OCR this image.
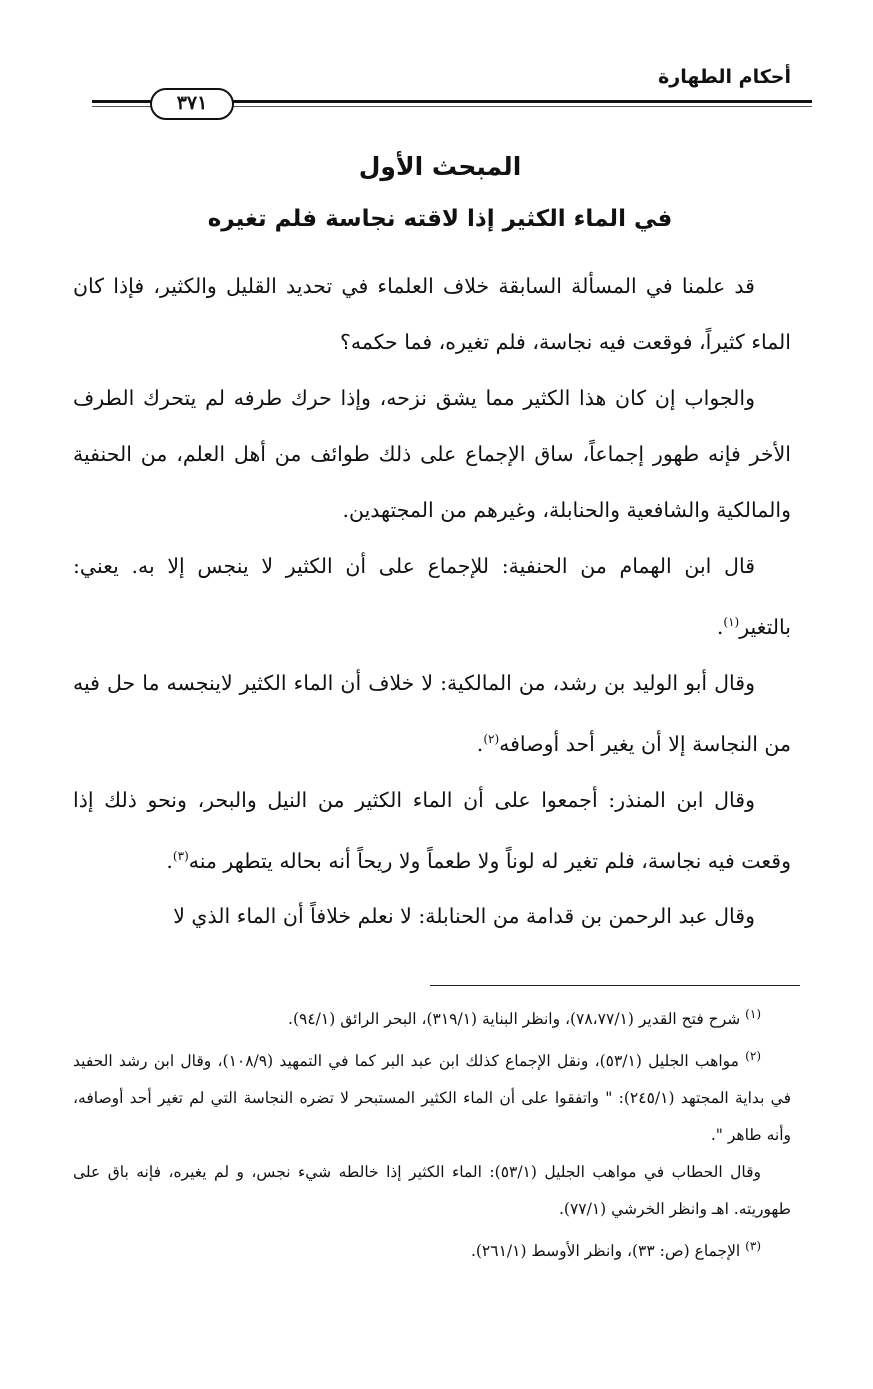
أحكام الطهارة
٣٧١
المبحث الأول
في الماء الكثير إذا لاقته نجاسة فلم تغيره

قد علمنا في المسألة السابقة خلاف العلماء في تحديد القليل والكثير، فإذا كان الماء كثيراً، فوقعت فيه نجاسة، فلم تغيره، فما حكمه؟

والجواب إن كان هذا الكثير مما يشق نزحه، وإذا حرك طرفه لم يتحرك الطرف الأخر فإنه طهور إجماعاً، ساق الإجماع على ذلك طوائف من أهل العلم، من الحنفية والمالكية والشافعية والحنابلة، وغيرهم من المجتهدين.

قال ابن الهمام من الحنفية: للإجماع على أن الكثير لا ينجس إلا به. يعني: بالتغير$^{(١)}$.

وقال أبو الوليد بن رشد، من المالكية: لا خلاف أن الماء الكثير لاينجسه ما حل فيه من النجاسة إلا أن يغير أحد أوصافه$^{(٢)}$.

وقال ابن المنذر: أجمعوا على أن الماء الكثير من النيل والبحر، ونحو ذلك إذا وقعت فيه نجاسة، فلم تغير له لوناً ولا طعماً ولا ريحاً أنه بحاله يتطهر منه$^{(٣)}$.

وقال عبد الرحمن بن قدامة من الحنابلة: لا نعلم خلافاً أن الماء الذي لا

$^{(١)}$ شرح فتح القدير (٧٨،٧٧/١)، وانظر البناية (٣١٩/١)، البحر الرائق (٩٤/١).

$^{(٢)}$ مواهب الجليل (٥٣/١)، ونقل الإجماع كذلك ابن عبد البر كما في التمهيد (١٠٨/٩)، وقال ابن رشد الحفيد في بداية المجتهد (٢٤٥/١): " واتفقوا على أن الماء الكثير المستبحر لا تضره النجاسة التي لم تغير أحد أوصافه، وأنه طاهر ".

وقال الحطاب في مواهب الجليل (٥٣/١): الماء الكثير إذا خالطه شيء نجس، و لم يغيره، فإنه باق على طهوريته. اهـ وانظر الخرشي (٧٧/١).

$^{(٣)}$ الإجماع (ص: ٣٣)، وانظر الأوسط (٢٦١/١).
